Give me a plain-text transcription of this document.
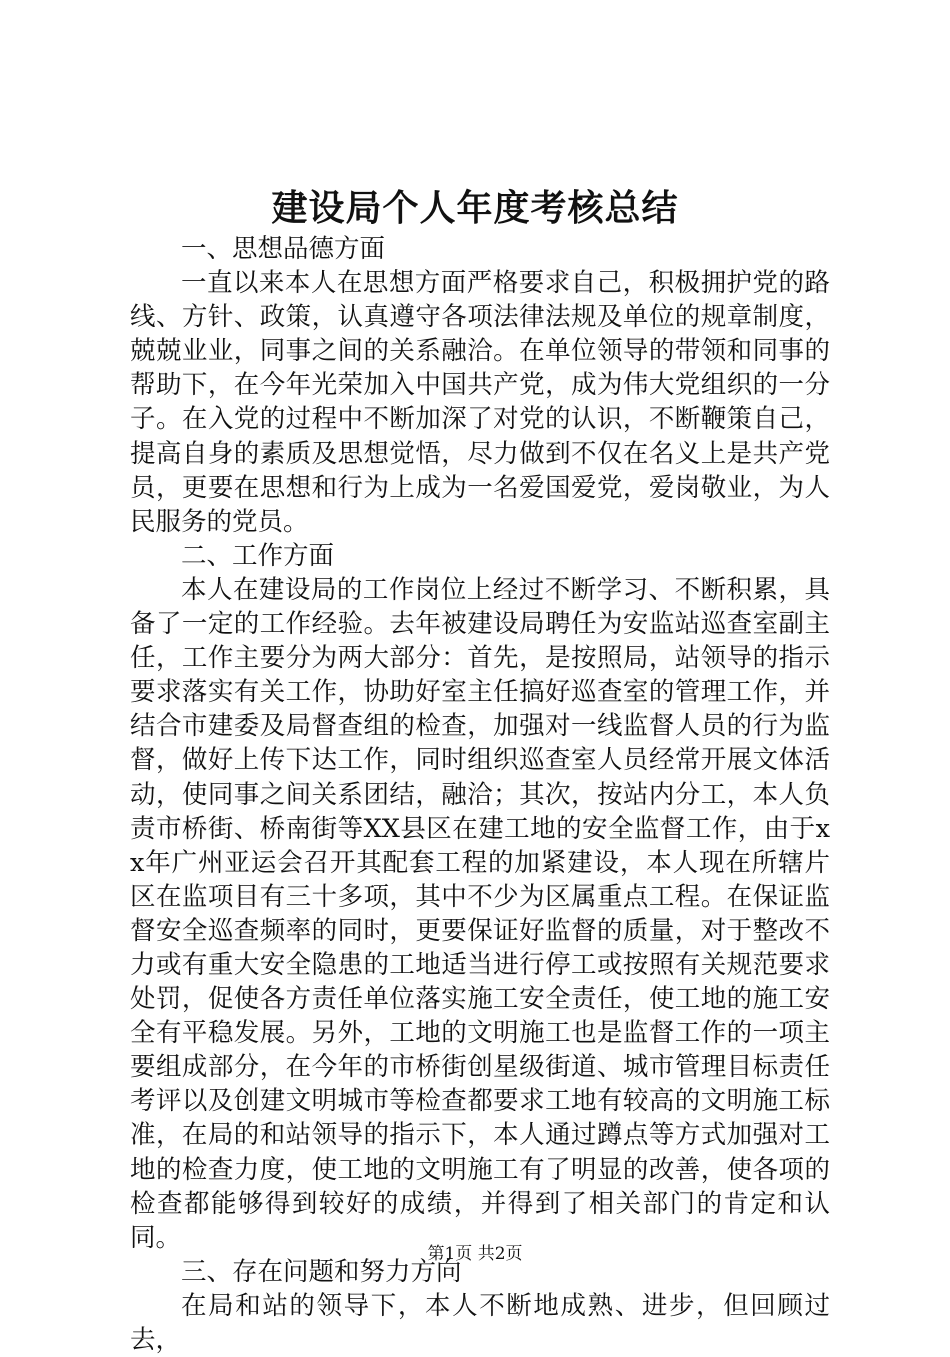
建设局个人年度考核总结

一、思想品德方面

一直以来本人在思想方面严格要求自己，积极拥护党的路线、方针、政策，认真遵守各项法律法规及单位的规章制度，兢兢业业，同事之间的关系融洽。在单位领导的带领和同事的帮助下，在今年光荣加入中国共产党，成为伟大党组织的一分子。在入党的过程中不断加深了对党的认识，不断鞭策自己，提高自身的素质及思想觉悟，尽力做到不仅在名义上是共产党员，更要在思想和行为上成为一名爱国爱党，爱岗敬业，为人民服务的党员。

二、工作方面

本人在建设局的工作岗位上经过不断学习、不断积累，具备了一定的工作经验。去年被建设局聘任为安监站巡查室副主任，工作主要分为两大部分：首先，是按照局，站领导的指示要求落实有关工作，协助好室主任搞好巡查室的管理工作，并结合市建委及局督查组的检查，加强对一线监督人员的行为监督，做好上传下达工作，同时组织巡查室人员经常开展文体活动，使同事之间关系团结，融洽；其次，按站内分工，本人负责市桥街、桥南街等XX县区在建工地的安全监督工作，由于xx年广州亚运会召开其配套工程的加紧建设，本人现在所辖片区在监项目有三十多项，其中不少为区属重点工程。在保证监督安全巡查频率的同时，更要保证好监督的质量，对于整改不力或有重大安全隐患的工地适当进行停工或按照有关规范要求处罚，促使各方责任单位落实施工安全责任，使工地的施工安全有平稳发展。另外，工地的文明施工也是监督工作的一项主要组成部分，在今年的市桥街创星级街道、城市管理目标责任考评以及创建文明城市等检查都要求工地有较高的文明施工标准，在局的和站领导的指示下，本人通过蹲点等方式加强对工地的检查力度，使工地的文明施工有了明显的改善，使各项的检查都能够得到较好的成绩，并得到了相关部门的肯定和认同。

三、存在问题和努力方向

在局和站的领导下，本人不断地成熟、进步，但回顾过去，

第1页 共2页
